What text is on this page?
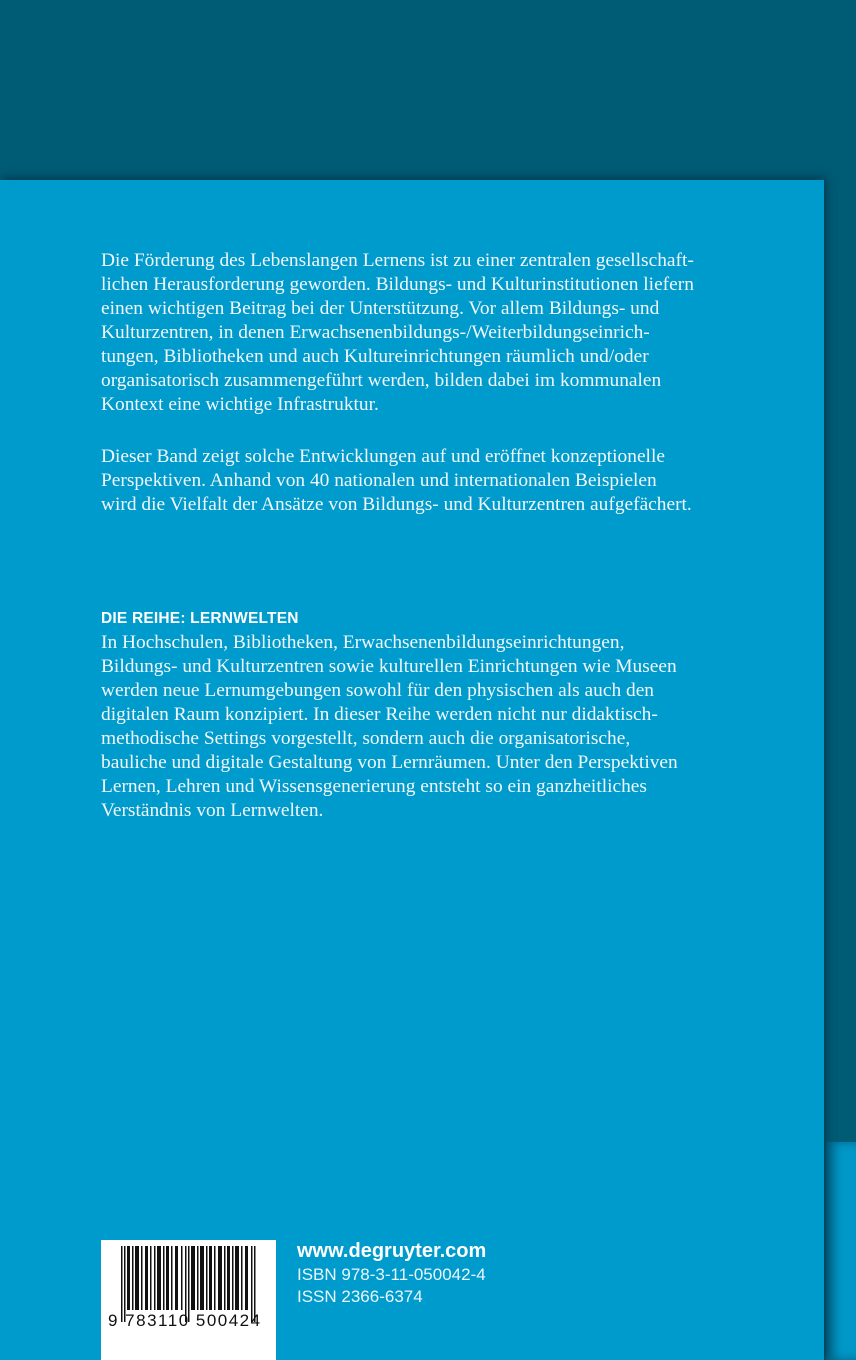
Die Förderung des Lebenslangen Lernens ist zu einer zentralen gesellschaft-
lichen Herausforderung geworden. Bildungs- und Kulturinstitutionen liefern
einen wichtigen Beitrag bei der Unterstützung. Vor allem Bildungs- und
Kulturzentren, in denen Erwachsenenbildungs-/Weiterbildungseinrich-
tungen, Bibliotheken und auch Kultureinrichtungen räumlich und/oder
organisatorisch zusammengeführt werden, bilden dabei im kommunalen
Kontext eine wichtige Infrastruktur.
Dieser Band zeigt solche Entwicklungen auf und eröffnet konzeptionelle
Perspektiven. Anhand von 40 nationalen und internationalen Beispielen
wird die Vielfalt der Ansätze von Bildungs- und Kulturzentren aufgefächert.
DIE REIHE: LERNWELTEN
In Hochschulen, Bibliotheken, Erwachsenenbildungseinrichtungen,
Bildungs- und Kulturzentren sowie kulturellen Einrichtungen wie Museen
werden neue Lernumgebungen sowohl für den physischen als auch den
digitalen Raum konzipiert. In dieser Reihe werden nicht nur didaktisch-
methodische Settings vorgestellt, sondern auch die organisatorische,
bauliche und digitale Gestaltung von Lernräumen. Unter den Perspektiven
Lernen, Lehren und Wissensgenerierung entsteht so ein ganzheitliches
Verständnis von Lernwelten.
9 783110 500424
www.degruyter.com
ISBN 978-3-11-050042-4
ISSN 2366-6374
